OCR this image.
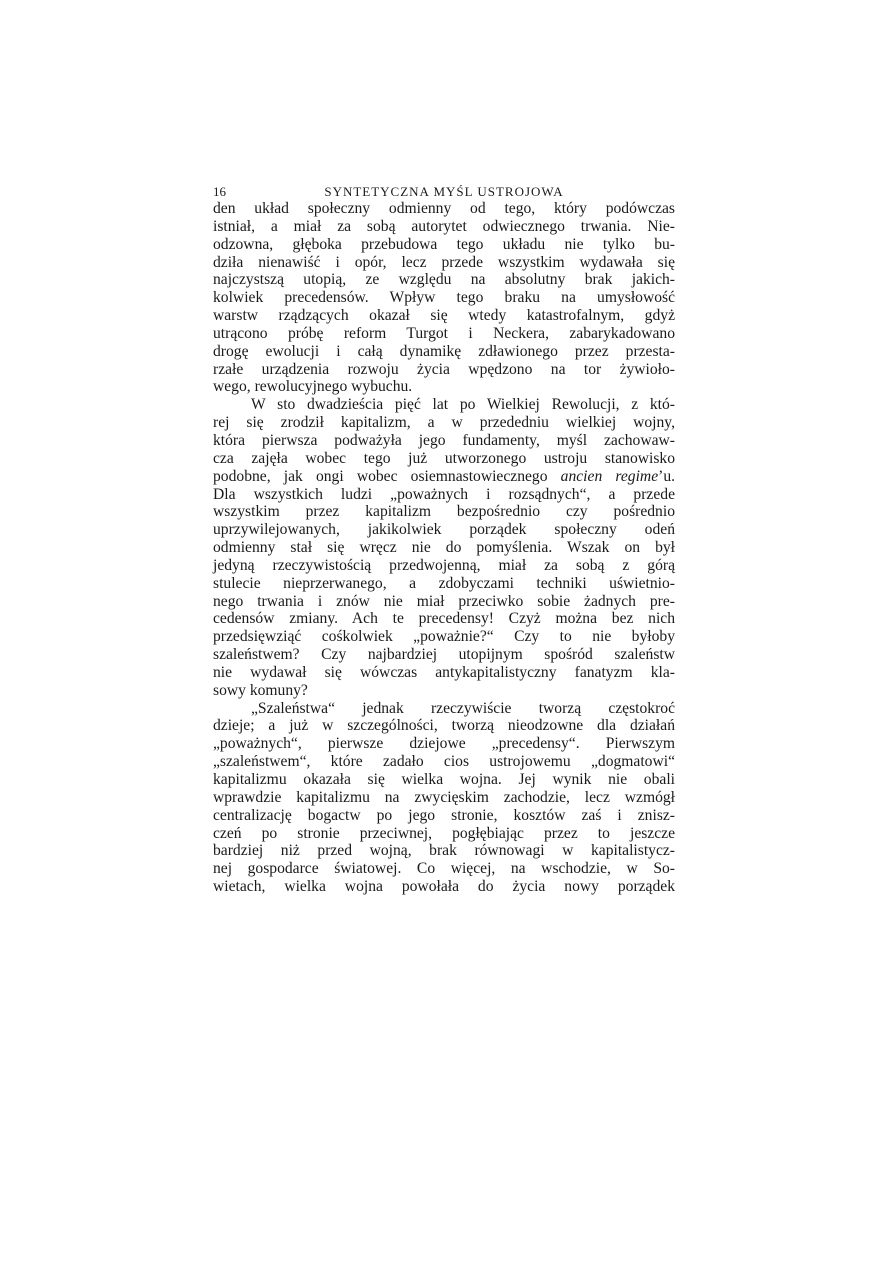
16	SYNTETYCZNA MYŚL USTROJOWA
den układ społeczny odmienny od tego, który podówczas
istniał, a miał za sobą autorytet odwiecznego trwania. Nie-
odzowna, głęboka przebudowa tego układu nie tylko bu-
dziła nienawiść i opór, lecz przede wszystkim wydawała się
najczystszą utopią, ze względu na absolutny brak jakich-
kolwiek precedensów. Wpływ tego braku na umysłowość
warstw rządzących okazał się wtedy katastrofalnym, gdyż
utrącono próbę reform Turgot i Neckera, zabarykadowano
drogę ewolucji i całą dynamikę zdławionego przez przesta-
rzałe urządzenia rozwoju życia wpędzono na tor żywioło-
wego, rewolucyjnego wybuchu.
W sto dwadzieścia pięć lat po Wielkiej Rewolucji, z któ-
rej się zrodził kapitalizm, a w przededniu wielkiej wojny,
która pierwsza podważyła jego fundamenty, myśl zachowaw-
cza zajęła wobec tego już utworzonego ustroju stanowisko
podobne, jak ongi wobec osiemnastowiecznego ancien regime’u.
Dla wszystkich ludzi „poważnych i rozsądnych“, a przede
wszystkim przez kapitalizm bezpośrednio czy pośrednio
uprzywilejowanych, jakikolwiek porządek społeczny odeń
odmienny stał się wręcz nie do pomyślenia. Wszak on był
jedyną rzeczywistością przedwojenną, miał za sobą z górą
stulecie nieprzerwanego, a zdobyczami techniki uświetnio-
nego trwania i znów nie miał przeciwko sobie żadnych pre-
cedensów zmiany. Ach te precedensy! Czyż można bez nich
przedsięwziąć cośkolwiek „poważnie?“ Czy to nie byłoby
szaleństwem? Czy najbardziej utopijnym spośród szaleństw
nie wydawał się wówczas antykapitalistyczny fanatyzm kla-
sowy komuny?
„Szaleństwa“ jednak rzeczywiście tworzą częstokroć
dzieje; a już w szczególności, tworzą nieodzowne dla działań
„poważnych“, pierwsze dziejowe „precedensy“. Pierwszym
„szaleństwem“, które zadało cios ustrojowemu „dogmatowi“
kapitalizmu okazała się wielka wojna. Jej wynik nie obali
wprawdzie kapitalizmu na zwycięskim zachodzie, lecz wzmógł
centralizację bogactw po jego stronie, kosztów zaś i znisz-
czeń po stronie przeciwnej, pogłębiając przez to jeszcze
bardziej niż przed wojną, brak równowagi w kapitalistycz-
nej gospodarce światowej. Co więcej, na wschodzie, w So-
wietach, wielka wojna powołała do życia nowy porządek
